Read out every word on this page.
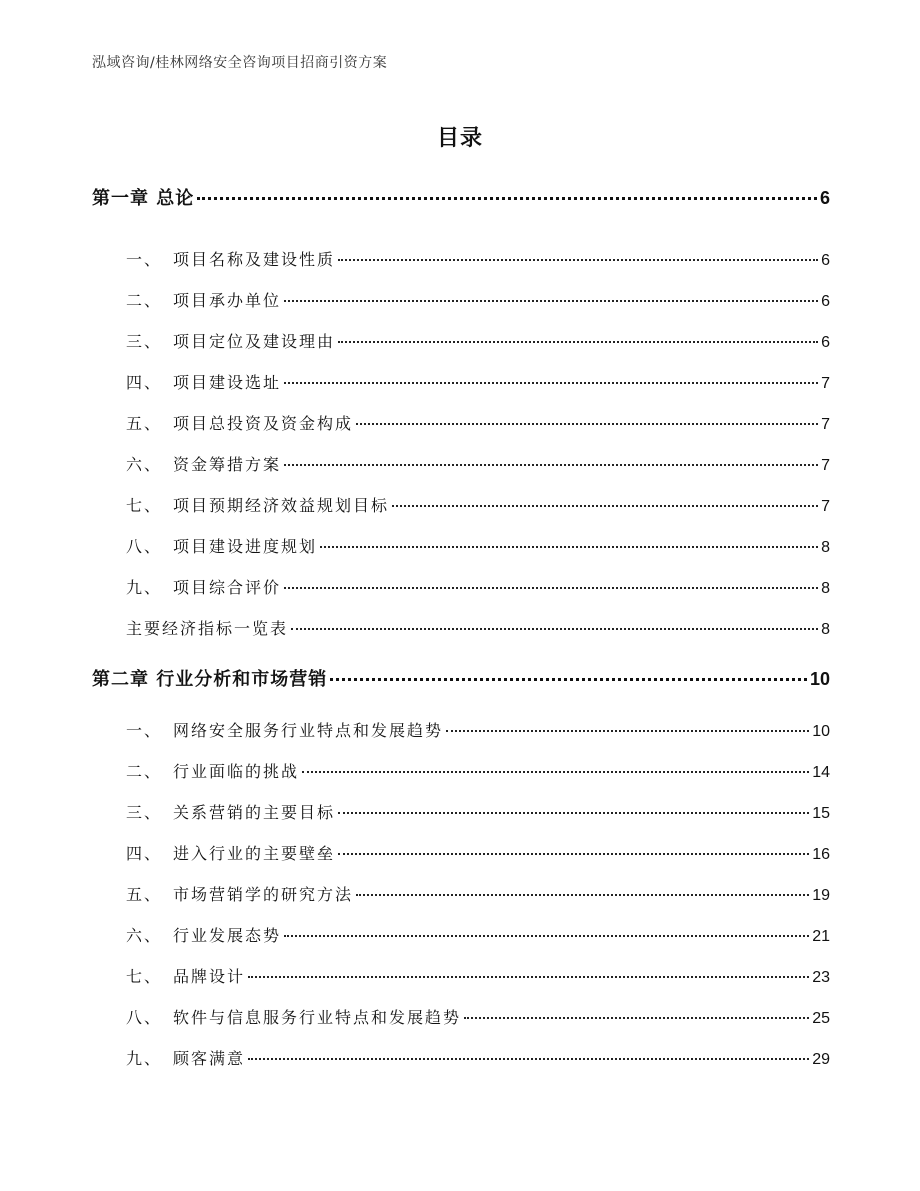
泓域咨询/桂林网络安全咨询项目招商引资方案
目录
第一章 总论	6
一、 项目名称及建设性质	6
二、 项目承办单位	6
三、 项目定位及建设理由	6
四、 项目建设选址	7
五、 项目总投资及资金构成	7
六、 资金筹措方案	7
七、 项目预期经济效益规划目标	7
八、 项目建设进度规划	8
九、 项目综合评价	8
主要经济指标一览表	8
第二章 行业分析和市场营销	10
一、 网络安全服务行业特点和发展趋势	10
二、 行业面临的挑战	14
三、 关系营销的主要目标	15
四、 进入行业的主要壁垒	16
五、 市场营销学的研究方法	19
六、 行业发展态势	21
七、 品牌设计	23
八、 软件与信息服务行业特点和发展趋势	25
九、 顾客满意	29
